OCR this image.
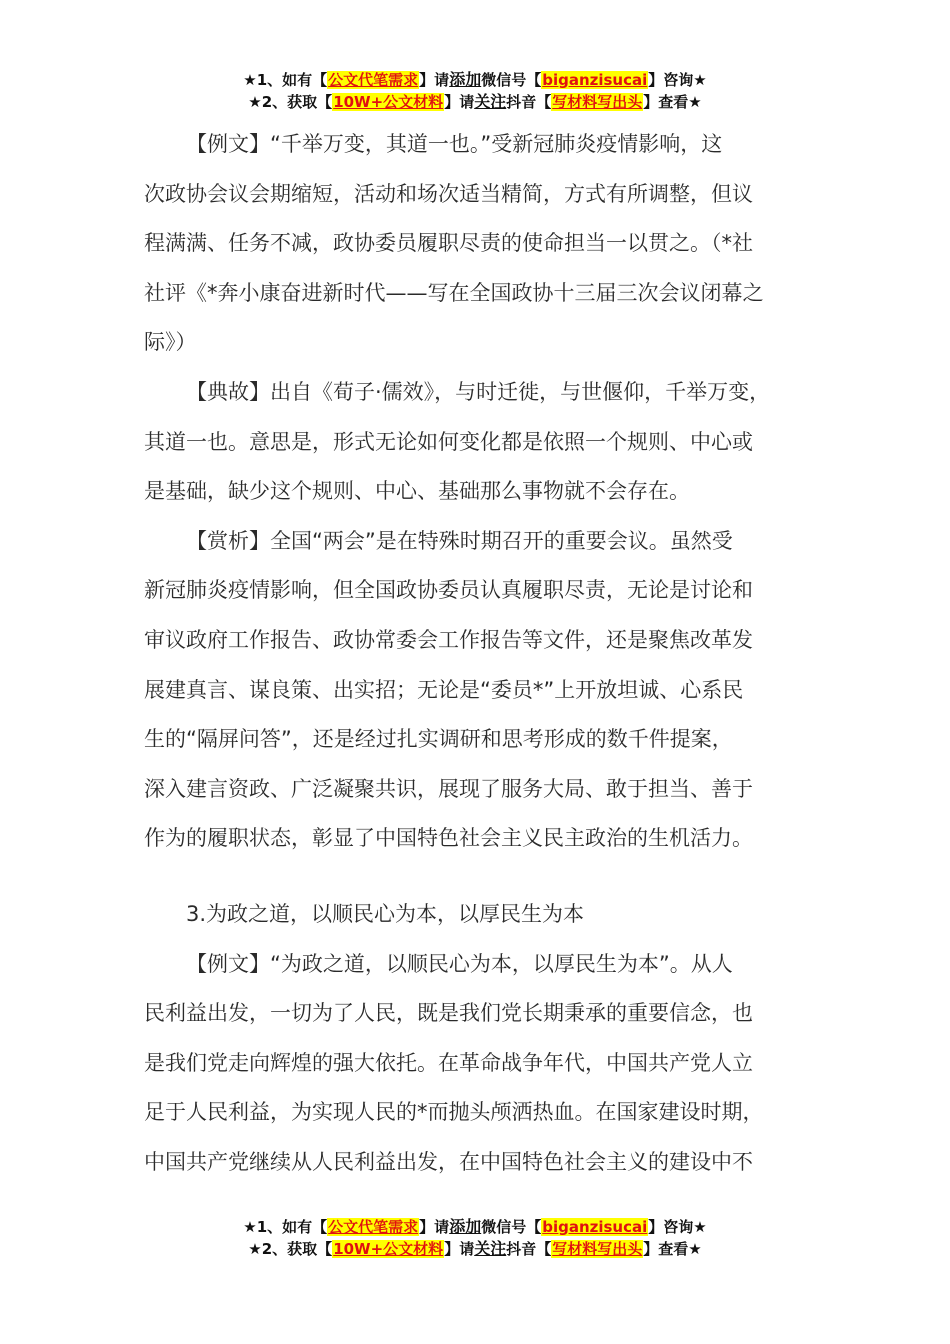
★1、如有【公文代笔需求】请添加微信号【biganzisucai】咨询★
★2、获取【10W+公文材料】请关注抖音【写材料写出头】查看★
【例文】“千举万变，其道一也。”受新冠肺炎疫情影响，这
次政协会议会期缩短，活动和场次适当精简，方式有所调整，但议
程满满、任务不减，政协委员履职尽责的使命担当一以贯之。（*社
社评《*奔小康奋进新时代——写在全国政协十三届三次会议闭幕之
际》）
【典故】出自《荀子·儒效》，与时迁徙，与世偃仰，千举万变，
其道一也。意思是，形式无论如何变化都是依照一个规则、中心或
是基础，缺少这个规则、中心、基础那么事物就不会存在。
【赏析】全国“两会”是在特殊时期召开的重要会议。虽然受
新冠肺炎疫情影响，但全国政协委员认真履职尽责，无论是讨论和
审议政府工作报告、政协常委会工作报告等文件，还是聚焦改革发
展建真言、谋良策、出实招；无论是“委员*”上开放坦诚、心系民
生的“隔屏问答”，还是经过扎实调研和思考形成的数千件提案，
深入建言资政、广泛凝聚共识，展现了服务大局、敢于担当、善于
作为的履职状态，彰显了中国特色社会主义民主政治的生机活力。
3.为政之道，以顺民心为本，以厚民生为本
【例文】“为政之道，以顺民心为本，以厚民生为本”。从人
民利益出发，一切为了人民，既是我们党长期秉承的重要信念，也
是我们党走向辉煌的强大依托。在革命战争年代，中国共产党人立
足于人民利益，为实现人民的*而抛头颅洒热血。在国家建设时期，
中国共产党继续从人民利益出发，在中国特色社会主义的建设中不
★1、如有【公文代笔需求】请添加微信号【biganzisucai】咨询★
★2、获取【10W+公文材料】请关注抖音【写材料写出头】查看★
